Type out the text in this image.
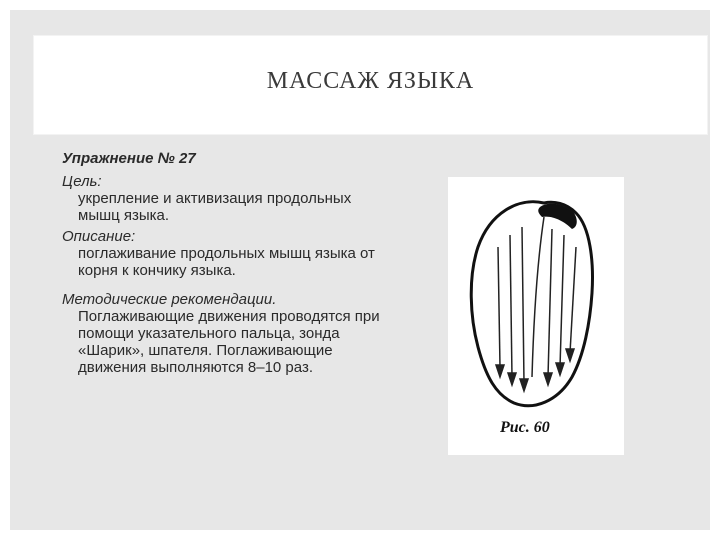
МАССАЖ ЯЗЫКА

Упражнение № 27

Цель:

укрепление и активизация продольных мышц языка.

Описание:

поглаживание продольных мышц языка от корня к кончику языка.

Методические рекомендации.

Поглаживающие движения проводятся при помощи указательного пальца, зонда «Шарик», шпателя. Поглаживающие движения выполняются 8–10 раз.

Рис. 60
